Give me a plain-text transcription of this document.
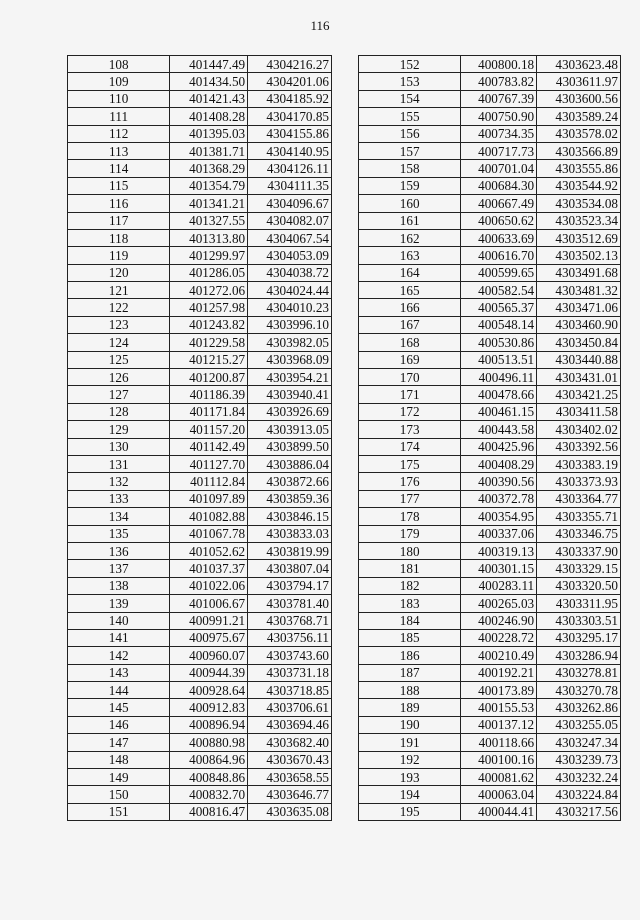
116
108	401447.49	4304216.27
109	401434.50	4304201.06
110	401421.43	4304185.92
111	401408.28	4304170.85
112	401395.03	4304155.86
113	401381.71	4304140.95
114	401368.29	4304126.11
115	401354.79	4304111.35
116	401341.21	4304096.67
117	401327.55	4304082.07
118	401313.80	4304067.54
119	401299.97	4304053.09
120	401286.05	4304038.72
121	401272.06	4304024.44
122	401257.98	4304010.23
123	401243.82	4303996.10
124	401229.58	4303982.05
125	401215.27	4303968.09
126	401200.87	4303954.21
127	401186.39	4303940.41
128	401171.84	4303926.69
129	401157.20	4303913.05
130	401142.49	4303899.50
131	401127.70	4303886.04
132	401112.84	4303872.66
133	401097.89	4303859.36
134	401082.88	4303846.15
135	401067.78	4303833.03
136	401052.62	4303819.99
137	401037.37	4303807.04
138	401022.06	4303794.17
139	401006.67	4303781.40
140	400991.21	4303768.71
141	400975.67	4303756.11
142	400960.07	4303743.60
143	400944.39	4303731.18
144	400928.64	4303718.85
145	400912.83	4303706.61
146	400896.94	4303694.46
147	400880.98	4303682.40
148	400864.96	4303670.43
149	400848.86	4303658.55
150	400832.70	4303646.77
151	400816.47	4303635.08
152	400800.18	4303623.48
153	400783.82	4303611.97
154	400767.39	4303600.56
155	400750.90	4303589.24
156	400734.35	4303578.02
157	400717.73	4303566.89
158	400701.04	4303555.86
159	400684.30	4303544.92
160	400667.49	4303534.08
161	400650.62	4303523.34
162	400633.69	4303512.69
163	400616.70	4303502.13
164	400599.65	4303491.68
165	400582.54	4303481.32
166	400565.37	4303471.06
167	400548.14	4303460.90
168	400530.86	4303450.84
169	400513.51	4303440.88
170	400496.11	4303431.01
171	400478.66	4303421.25
172	400461.15	4303411.58
173	400443.58	4303402.02
174	400425.96	4303392.56
175	400408.29	4303383.19
176	400390.56	4303373.93
177	400372.78	4303364.77
178	400354.95	4303355.71
179	400337.06	4303346.75
180	400319.13	4303337.90
181	400301.15	4303329.15
182	400283.11	4303320.50
183	400265.03	4303311.95
184	400246.90	4303303.51
185	400228.72	4303295.17
186	400210.49	4303286.94
187	400192.21	4303278.81
188	400173.89	4303270.78
189	400155.53	4303262.86
190	400137.12	4303255.05
191	400118.66	4303247.34
192	400100.16	4303239.73
193	400081.62	4303232.24
194	400063.04	4303224.84
195	400044.41	4303217.56
